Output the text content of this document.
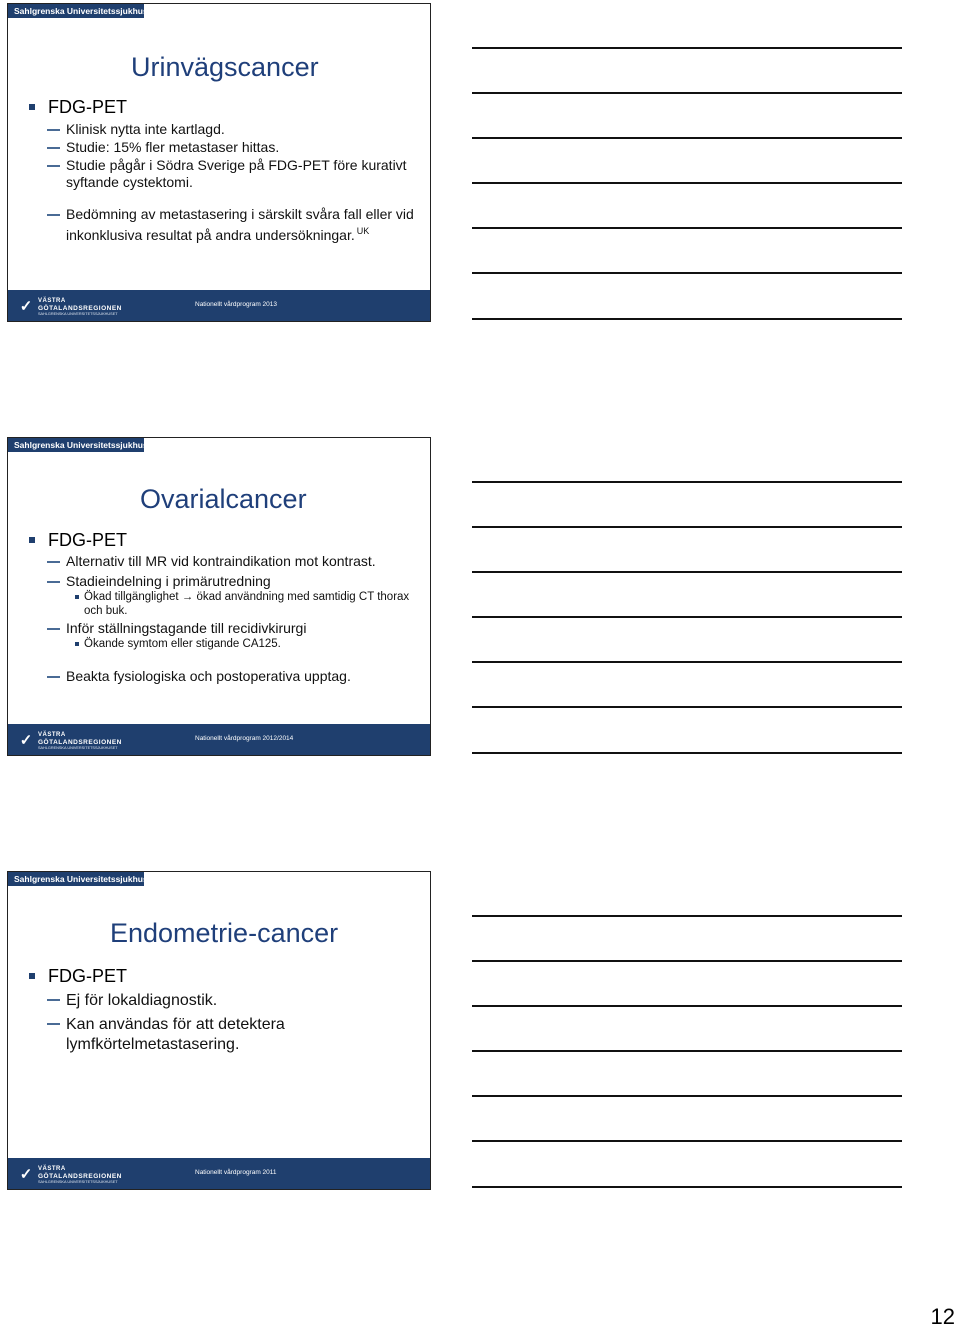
Sahlgrenska Universitetssjukhuset
Urinvägscancer
FDG-PET
Klinisk nytta inte kartlagd.
Studie: 15% fler metastaser hittas.
Studie pågår i Södra Sverige på FDG-PET före kurativt syftande cystektomi.
Bedömning av metastasering i särskilt svåra fall eller vid inkonklusiva resultat på andra undersökningar. $^{UK}$
✓ VÄSTRA
GÖTALANDSREGIONEN
SAHLGRENSKA UNIVERSITETSSJUKHUSET
Nationellt vårdprogram 2013
Sahlgrenska Universitetssjukhuset
Ovarialcancer
FDG-PET
Alternativ till MR vid kontraindikation mot kontrast.
Stadieindelning i primärutredning
Ökad tillgänglighet → ökad användning med samtidig CT thorax och buk.
Inför ställningstagande till recidivkirurgi
Ökande symtom eller stigande CA125.
Beakta fysiologiska och postoperativa upptag.
✓ VÄSTRA
GÖTALANDSREGIONEN
SAHLGRENSKA UNIVERSITETSSJUKHUSET
Nationellt vårdprogram 2012/2014
Sahlgrenska Universitetssjukhuset
Endometrie-cancer
FDG-PET
Ej för lokaldiagnostik.
Kan användas för att detektera lymfkörtelmetastasering.
✓ VÄSTRA
GÖTALANDSREGIONEN
SAHLGRENSKA UNIVERSITETSSJUKHUSET
Nationellt vårdprogram 2011
12
